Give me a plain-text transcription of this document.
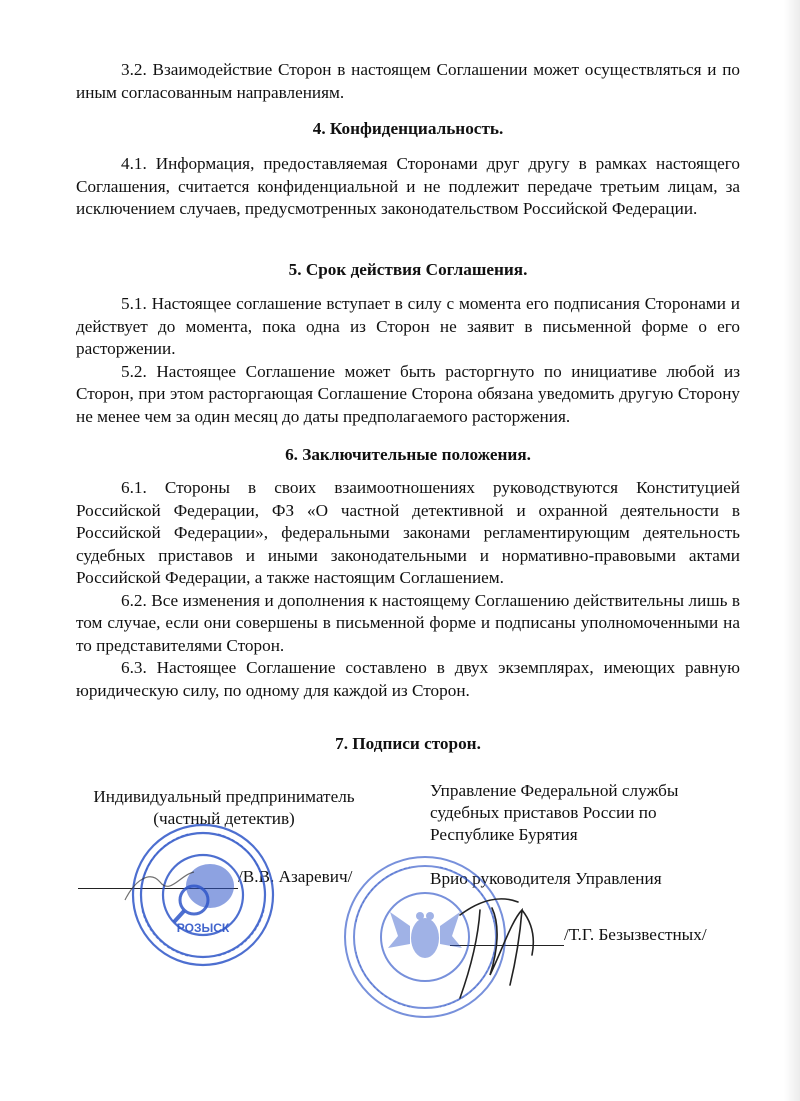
3.2. Взаимодействие Сторон в настоящем Соглашении может осуществляться и по иным согласованным направлениям.

4. Конфиденциальность.

4.1. Информация, предоставляемая Сторонами друг другу в рамках настоящего Соглашения, считается конфиденциальной и не подлежит передаче третьим лицам, за исключением случаев, предусмотренных законодательством Российской Федерации.

5. Срок действия Соглашения.

5.1. Настоящее соглашение вступает в силу с момента его подписания Сторонами и действует до момента, пока одна из Сторон не заявит в письменной форме о его расторжении.

5.2. Настоящее Соглашение может быть расторгнуто по инициативе любой из Сторон, при этом расторгающая Соглашение Сторона обязана уведомить другую Сторону не менее чем за один месяц до даты предполагаемого расторжения.

6. Заключительные положения.

6.1. Стороны в своих взаимоотношениях руководствуются Конституцией Российской Федерации, ФЗ «О частной детективной и охранной деятельности в Российской Федерации», федеральными законами регламентирующим деятельность судебных приставов и иными законодательными и нормативно-правовыми актами Российской Федерации, а также настоящим Соглашением.

6.2. Все изменения и дополнения к настоящему Соглашению действительны лишь в том случае, если они совершены в письменной форме и подписаны уполномоченными на то представителями Сторон.

6.3. Настоящее Соглашение составлено в двух экземплярах, имеющих равную юридическую силу, по одному для каждой из Сторон.

7. Подписи сторон.
Индивидуальный предприниматель
(частный детектив)
Управление Федеральной службы
судебных приставов России по
Республике Бурятия
Врио руководителя Управления
/В.В. Азаревич/
/Т.Г. Безызвестных/
РОЗЫСК
